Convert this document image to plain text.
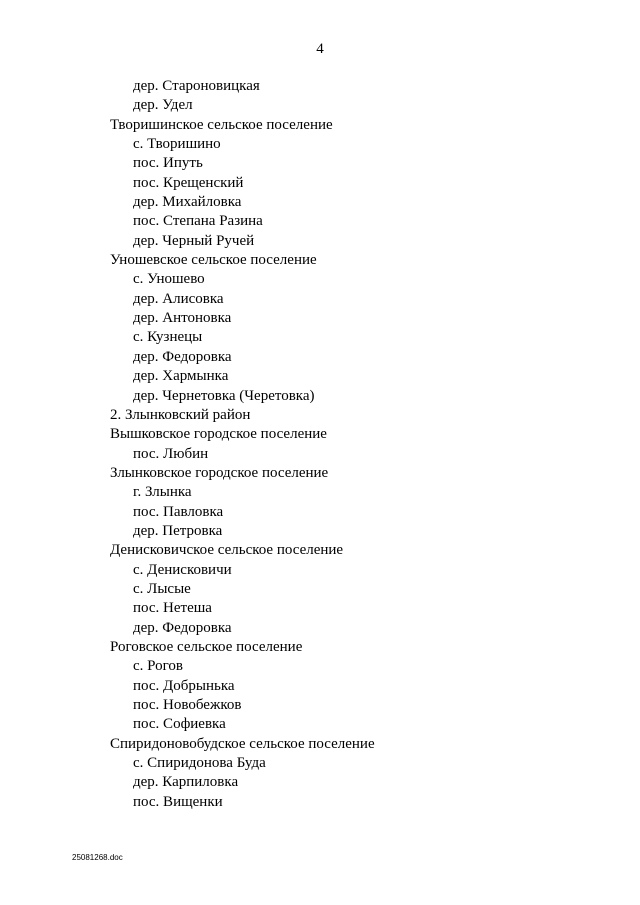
4
дер. Староновицкая
дер. Удел
Творишинское сельское поселение
с. Творишино
пос. Ипуть
пос. Крещенский
дер. Михайловка
пос. Степана Разина
дер. Черный Ручей
Уношевское сельское поселение
с. Уношево
дер. Алисовка
дер. Антоновка
с. Кузнецы
дер. Федоровка
дер. Хармынка
дер. Чернетовка (Черетовка)
2. Злынковский район
Вышковское городское поселение
пос. Любин
Злынковское городское поселение
г. Злынка
пос. Павловка
дер. Петровка
Денисковичское сельское поселение
с. Денисковичи
с. Лысые
пос. Нетеша
дер. Федоровка
Роговское сельское поселение
с. Рогов
пос. Добрынька
пос. Новобежков
пос. Софиевка
Спиридоновобудское сельское поселение
с. Спиридонова Буда
дер. Карпиловка
пос. Вищенки
25081268.doc
